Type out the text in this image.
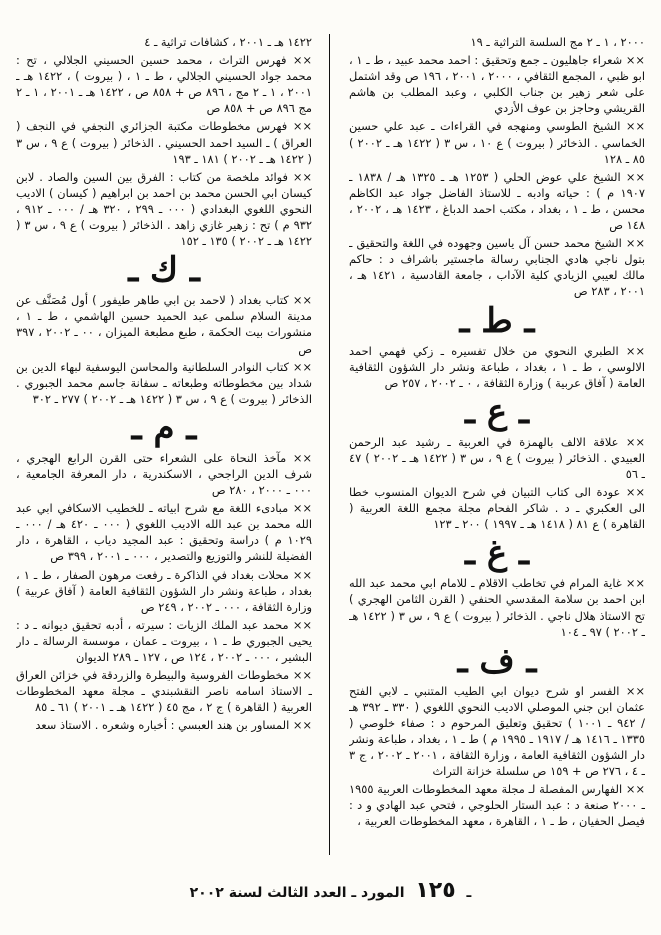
٢٠٠٠ ، ١ ـ ٢ مج السلسة التراثية ـ ١٩
×× شعراء جاهليون ـ جمع وتحقيق : احمد محمد عبيد ، ط ـ ١ ، ابو ظبي ، المجمع الثقافي ، ٢٠٠٠ ، ٢٠٠١ ، ١٩٦ ص وقد اشتمل على شعر زهير بن جناب الكلبي ، وعبد المطلب بن هاشم القريشي وحاجز بن عوف الأزدي
×× الشيخ الطوسي ومنهجه في القراءات ـ عبد علي حسين الخماسي . الذخائر ( بيروت ) ع ١٠ ، س ٣ ( ١٤٢٢ هـ ـ ٢٠٠٢ ) ٨٥ ـ ١٢٨
×× الشيخ علي عوض الحلي ( ١٢٥٣ هـ ـ ١٣٢٥ هـ / ١٨٣٨ ـ ١٩٠٧ م ) : حياته وادبه ـ للاستاذ الفاضل جواد عبد الكاظم محسن ، ط ـ ١ ، بغداد ، مكتب احمد الدباغ ، ١٤٢٣ هـ ، ٢٠٠٢ ، ١٤٨ ص
×× الشيخ محمد حسن آل ياسين وجهوده في اللغة والتحقيق ـ بتول ناجي هادي الجنابي رسالة ماجستير باشراف د : حاكم مالك لعيبي الزيادي كلية الآداب ، جامعة القادسية ، ١٤٢١ هـ ، ٢٠٠١ ، ٢٨٣ ص
ـ ط ـ
×× الطبري النحوي من خلال تفسيره ـ زكي فهمي احمد الالوسي ، ط ـ ١ ، بغداد ، طباعة ونشر دار الشؤون الثقافية العامة ( آفاق عربية ) وزارة الثقافة ، ٠ ـ ٢٠٠٢ ، ٢٥٧ ص
ـ ع ـ
×× علاقة الالف بالهمزة في العربية ـ رشيد عبد الرحمن العبيدي . الذخائر ( بيروت ) ع ٩ ، س ٣ ( ١٤٢٢ هـ ـ ٢٠٠٢ ) ٤٧ ـ ٥٦
×× عودة الى كتاب التبيان في شرح الديوان المنسوب خطا الى العكبري ـ د . شاكر الفحام مجلة مجمع اللغة العربية ( القاهرة ) ع ٨١ ( ١٤١٨ هـ ـ ١٩٩٧ ) ٢٠٠ ـ ١٢٣
ـ غ ـ
×× غاية المرام في تخاطب الاقلام ـ للامام ابي محمد عبد الله ابن احمد بن سلامة المقدسي الحنفي ( القرن الثامن الهجري ) تح الاستاذ هلال ناجي . الذخائر ( بيروت ) ع ٩ ، س ٣ ( ١٤٢٢ هـ ـ ٢٠٠٢ ) ٩٧ ـ ١٠٤
ـ ف ـ
×× الفسر او شرح ديوان ابي الطيب المتنبي ـ لابي الفتح عثمان ابن جني الموصلي الاديب النحوي اللغوي ( ٣٣٠ ـ ٣٩٢ هـ / ٩٤٢ ـ ١٠٠١ ) تحقيق وتعليق المرحوم د : صفاء خلوصي ( ١٣٣٥ ـ ١٤١٦ هـ / ١٩١٧ ـ ١٩٩٥ م ) ط ـ ١ ، بغداد ، طباعة ونشر دار الشؤون الثقافية العامة ، وزارة الثقافة ، ٢٠٠١ ـ ٢٠٠٢ ، ج ٣ ـ ٤ ، ٢٧٦ ص + ١٥٩ ص سلسلة خزانة التراث
×× الفهارس المفصلة لـ مجلة معهد المخطوطات العربية ١٩٥٥ ـ ٢٠٠٠ صنعة د : عبد الستار الحلوجي ، فتحي عبد الهادي و د : فيصل الحفيان ، ط ـ ١ ، القاهرة ، معهد المخطوطات العربية ،
١٤٢٢ هـ ـ ٢٠٠١ ، كشافات تراثية ـ ٤
×× فهرس التراث ، محمد حسين الحسيني الجلالي ، تح : محمد جواد الحسيني الجلالي ، ط ـ ١ ، ( بيروت ) ، ١٤٢٢ هـ ـ ٢٠٠١ ، ١ ـ ٢ مج ، ٨٩٦ ص + ٨٥٨ ص ، ١٤٢٢ هـ ـ ٢٠٠١ ، ١ ـ ٢ مج ٨٩٦ ص + ٨٥٨ ص
×× فهرس مخطوطات مكتبة الجزائري النجفي في النجف ( العراق ) ـ السيد احمد الحسيني . الذخائر ( بيروت ) ع ٩ ، س ٣ ( ١٤٢٢ هـ ـ ٢٠٠٢ ) ١٨١ ـ ١٩٣
×× فوائد ملخصة من كتاب : الفرق بين السين والصاد . لابن كيسان ابي الحسن محمد بن احمد بن ابراهيم ( كيسان ) الاديب النحوي اللغوي البغدادي ( ٠٠٠ ـ ٢٩٩ ، ٣٢٠ هـ / ٠٠٠ ـ ٩١٢ ، ٩٣٢ م ) تح : زهير غازي زاهد . الذخائر ( بيروت ) ع ٩ ، س ٣ ( ١٤٢٢ هـ ـ ٢٠٠٢ ) ١٣٥ ـ ١٥٢
ـ ك ـ
×× كتاب بغداد ( لاحمد بن ابي طاهر طيفور ) أول مُصَنَّف عن مدينة السلام سلمى عبد الحميد حسين الهاشمي ، ط ـ ١ ، منشورات بيت الحكمة ، طبع مطبعة الميزان ، ٠٠ ـ ٢٠٠٢ ، ٣٩٧ ص
×× كتاب النوادر السلطانية والمحاسن اليوسفية لبهاء الدين بن شداد بين مخطوطاته وطبعاته ـ سفانة جاسم محمد الجبوري . الذخائر ( بيروت ) ع ٩ ، س ٣ ( ١٤٢٢ هـ ـ ٢٠٠٢ ) ٢٧٧ ـ ٣٠٢
ـ م ـ
×× مآخذ النحاة على الشعراء حتى القرن الرابع الهجري ، شرف الدين الراجحي ، الاسكندرية ، دار المعرفة الجامعية ، ٠٠٠ ـ ٢٠٠٠ ، ٢٨٠ ص
×× مبادىء اللغة مع شرح ابياته ـ للخطيب الاسكافي ابي عبد الله محمد بن عبد الله الاديب اللغوي ( ٠٠٠ ـ ٤٢٠ هـ / ٠٠٠ ـ ١٠٢٩ م ) دراسة وتحقيق : عبد المجيد دياب ، القاهرة ، دار الفضيلة للنشر والتوزيع والتصدير ، ٠٠٠ ـ ٢٠٠١ ، ٣٩٩ ص
×× محلات بغداد في الذاكرة ـ رفعت مرهون الصفار ، ط ـ ١ ، بغداد ، طباعة ونشر دار الشؤون الثقافية العامة ( آفاق عربية ) وزارة الثقافة ، ٠٠٠ ـ ٢٠٠٢ ، ٢٤٩ ص
×× محمد عبد الملك الزيات : سيرته ، أدبه تحقيق ديوانه ـ د : يحيى الجبوري ط ـ ١ ، بيروت ـ عمان ، موسسة الرسالة ـ دار البشير ، ٠٠٠ ـ ٢٠٠٢ ، ١٢٤ ص ، ١٢٧ ـ ٢٨٩ الديوان
×× مخطوطات الفروسية والبيطرة والزردقة في خزائن العراق ـ الاستاذ اسامه ناصر النقشبندي ـ مجلة معهد المخطوطات العربية ( القاهرة ) ج ٢ ، مج ٤٥ ( ١٤٢٢ هـ ـ ٢٠٠١ ) ٦١ ـ ٨٥
×× المساور بن هند العبسي : أخباره وشعره . الاستاذ سعد
ـ ١٢٥ المورد ـ العدد الثالث لسنة ٢٠٠٢
